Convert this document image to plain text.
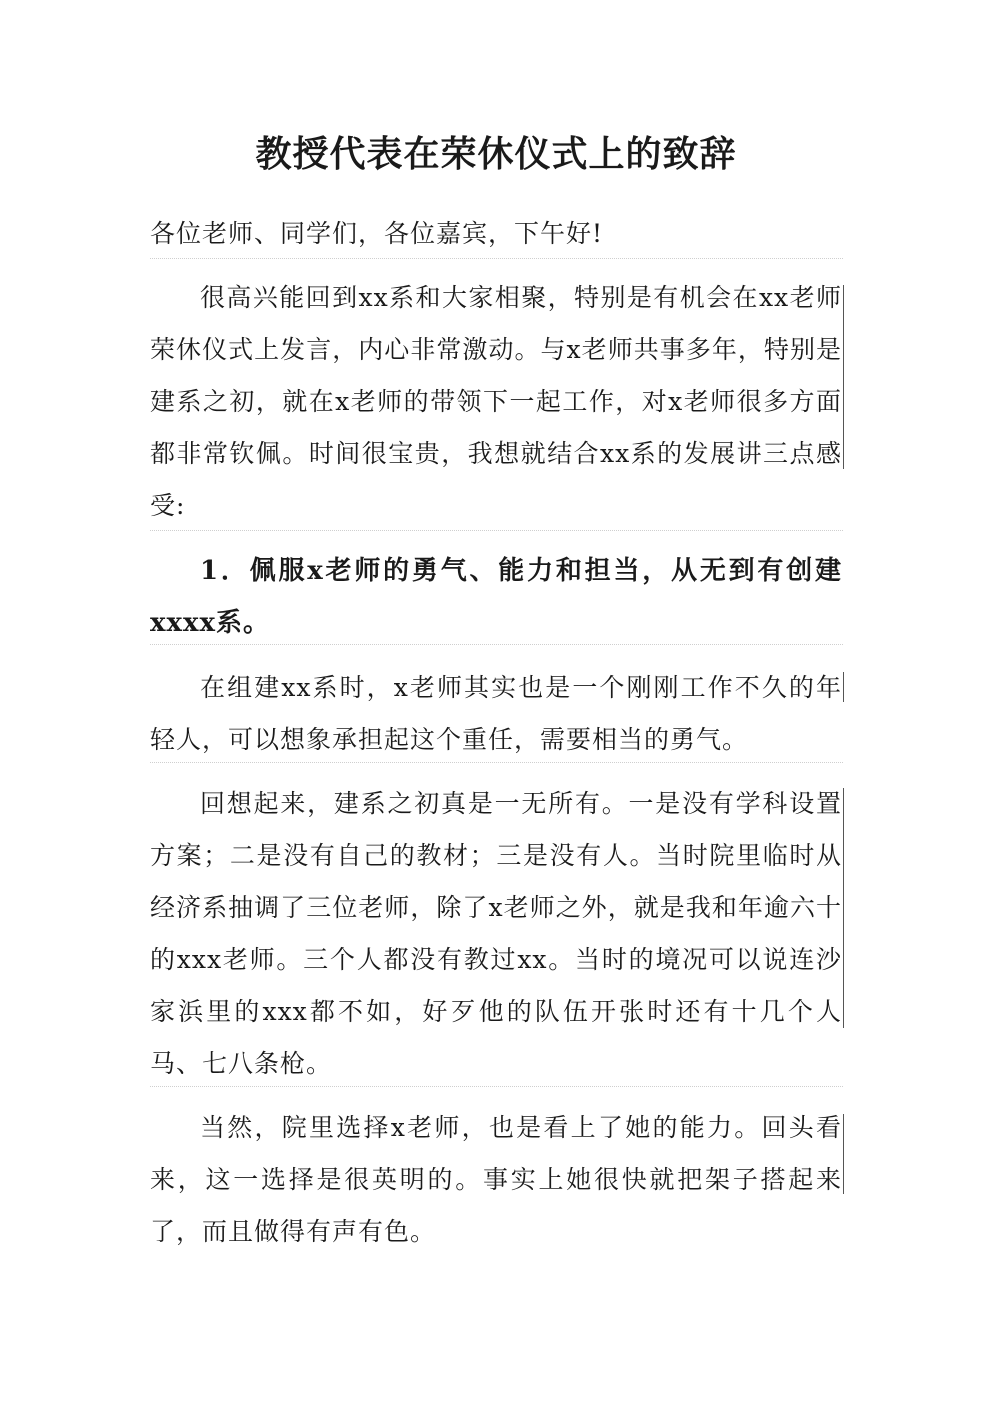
教授代表在荣休仪式上的致辞
各位老师、同学们，各位嘉宾，下午好!
很高兴能回到xx系和大家相聚，特别是有机会在xx老师荣休仪式上发言，内心非常激动。与x老师共事多年，特别是建系之初，就在x老师的带领下一起工作，对x老师很多方面都非常钦佩。时间很宝贵，我想就结合xx系的发展讲三点感受:
1．佩服x老师的勇气、能力和担当，从无到有创建xxxx系。
在组建xx系时，x老师其实也是一个刚刚工作不久的年轻人，可以想象承担起这个重任，需要相当的勇气。
回想起来，建系之初真是一无所有。一是没有学科设置方案；二是没有自己的教材；三是没有人。当时院里临时从经济系抽调了三位老师，除了x老师之外，就是我和年逾六十的xxx老师。三个人都没有教过xx。当时的境况可以说连沙家浜里的xxx都不如，好歹他的队伍开张时还有十几个人马、七八条枪。
当然，院里选择x老师，也是看上了她的能力。回头看来，这一选择是很英明的。事实上她很快就把架子搭起来了，而且做得有声有色。
